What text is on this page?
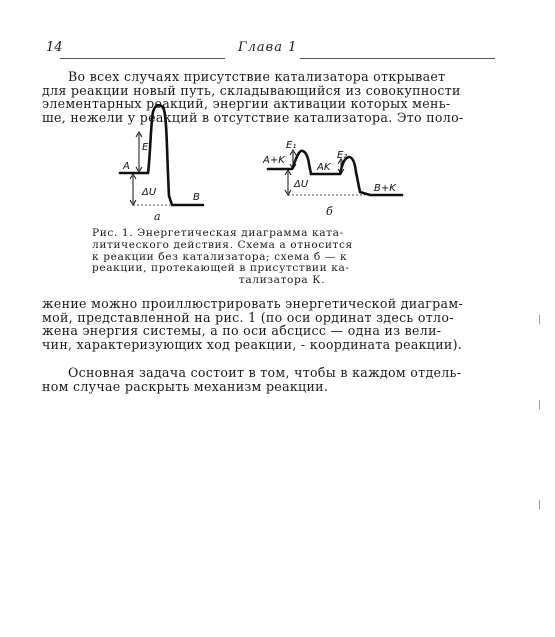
14	Глава 1
Во всех случаях присутствие катализатора открывает
для реакции новый путь, складывающийся из совокупности
элементарных реакций, энергии активации которых мень-
ше, нежели у реакций в отсутствие катализатора. Это поло-
E
A
ΔU	B
а
E₁
A+K
AK
E₂
ΔU	B+K
б
Рис. 1. Энергетическая диаграмма ката-
литического действия. Схема а относится
к реакции без катализатора; схема б — к
реакции, протекающей в присутствии ка-
тализатора К.
жение можно проиллюстрировать энергетической диаграм-
мой, представленной на рис. 1 (по оси ординат здесь отло-
жена энергия системы, а по оси абсцисс — одна из вели-
чин, характеризующих ход реакции, - координата реакции).
Основная задача состоит в том, чтобы в каждом отдель-
ном случае раскрыть механизм реакции.
|
|
|
